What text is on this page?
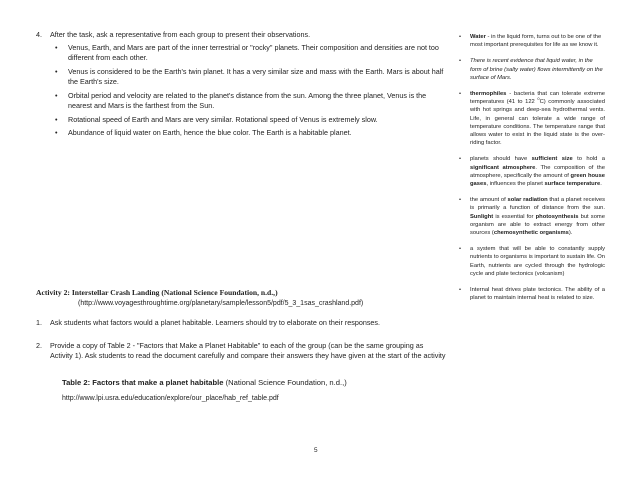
4. After the task, ask a representative from each group to present their observations.
• Venus, Earth, and Mars are part of the inner terrestrial or "rocky" planets. Their composition and densities are not too different from each other.
• Venus is considered to be the Earth's twin planet. It has a very similar size and mass with the Earth. Mars is about half the Earth's size.
• Orbital period and velocity are related to the planet's distance from the sun. Among the three planet, Venus is the nearest and Mars is the farthest from the Sun.
• Rotational speed of Earth and Mars are very similar. Rotational speed of Venus is extremely slow.
• Abundance of liquid water on Earth, hence the blue color. The Earth is a habitable planet.
Activity 2: Interstellar Crash Landing (National Science Foundation, n.d.,)
(http://www.voyagesthroughtime.org/planetary/sample/lesson5/pdf/5_3_1sas_crashland.pdf)
1. Ask students what factors would a planet habitable. Learners should try to elaborate on their responses.
2. Provide a copy of Table 2 - "Factors that Make a Planet Habitable" to each of the group (can be the same grouping as Activity 1). Ask students to read the document carefully and compare their answers they have given at the start of the activity
Table 2: Factors that make a planet habitable (National Science Foundation, n.d.,)
http://www.lpi.usra.edu/education/explore/our_place/hab_ref_table.pdf
5
• Water - in the liquid form, turns out to be one of the most important prerequisites for life as we know it.
• There is recent evidence that liquid water, in the form of brine (salty water) flows intermittently on the surface of Mars.
• thermophiles - bacteria that can tolerate extreme temperatures (41 to 122 $^0$C) commonly associated with hot springs and deep-sea hydrothermal vents. Life, in general can tolerate a wide range of temperature conditions. The temperature range that allows water to exist in the liquid state is the over-riding factor.
• planets should have sufficient size to hold a significant atmosphere. The composition of the atmosphere, specifically the amount of green house gases, influences the planet surface temperature.
• the amount of solar radiation that a planet receives is primarily a function of distance from the sun. Sunlight is essential for photosynthesis but some organism are able to extract energy from other sources (chemosynthetic organisms).
• a system that will be able to constantly supply nutrients to organisms is important to sustain life. On Earth, nutrients are cycled through the hydrologic cycle and plate tectonics (volcanism)
• Internal heat drives plate tectonics. The ability of a planet to maintain internal heat is related to size.
